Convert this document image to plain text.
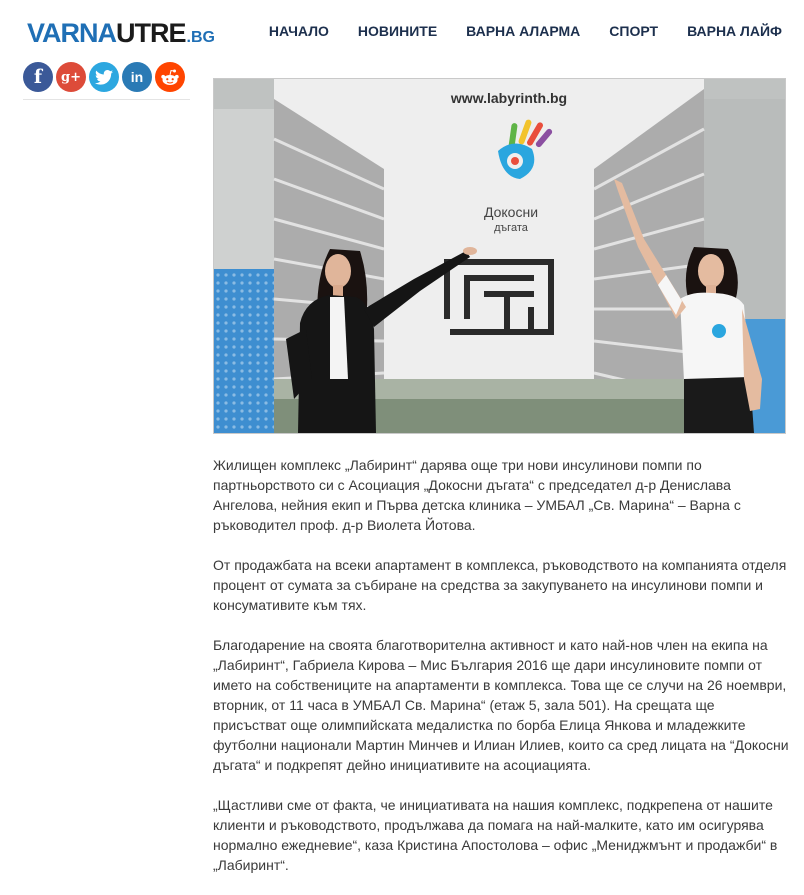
VARNA UTRE .BG	НАЧАЛО НОВИНИТЕ ВАРНА АЛАРМА СПОРТ ВАРНА ЛАЙФ
f g+	in
www.labyrinth.bg
Докосни
дъгата

Жилищен комплекс „Лабиринт“ дарява още три нови инсулинови помпи по партньорството си с Асоциация „Докосни дъгата“ с председател д-р Денислава Ангелова, нейния екип и Първа детска клиника – УМБАЛ „Св. Марина“ – Варна с ръководител проф. д-р Виолета Йотова.

От продажбата на всеки апартамент в комплекса, ръководството на компанията отделя процент от сумата за събиране на средства за закупуването на инсулинови помпи и консумативите към тях.

Благодарение на своята благотворителна активност и като най-нов член на екипа на „Лабиринт“, Габриела Кирова – Мис България 2016 ще дари инсулиновите помпи от името на собствениците на апартаменти в комплекса. Това ще се случи на 26 ноември, вторник, от 11 часа в УМБАЛ Св. Марина“ (етаж 5, зала 501). На срещата ще присъстват още олимпийската медалистка по борба Елица Янкова и младежките футболни национали Мартин Минчев и Илиан Илиев, които са сред лицата на “Докосни дъгата“ и подкрепят дейно инициативите на асоциацията.

„Щастливи сме от факта, че инициативата на нашия комплекс, подкрепена от нашите клиенти и ръководството, продължава да помага на най-малките, като им осигурява нормално ежедневие“, каза Кристина Апостолова – офис „Мениджмънт и продажби“ в „Лабиринт“.
